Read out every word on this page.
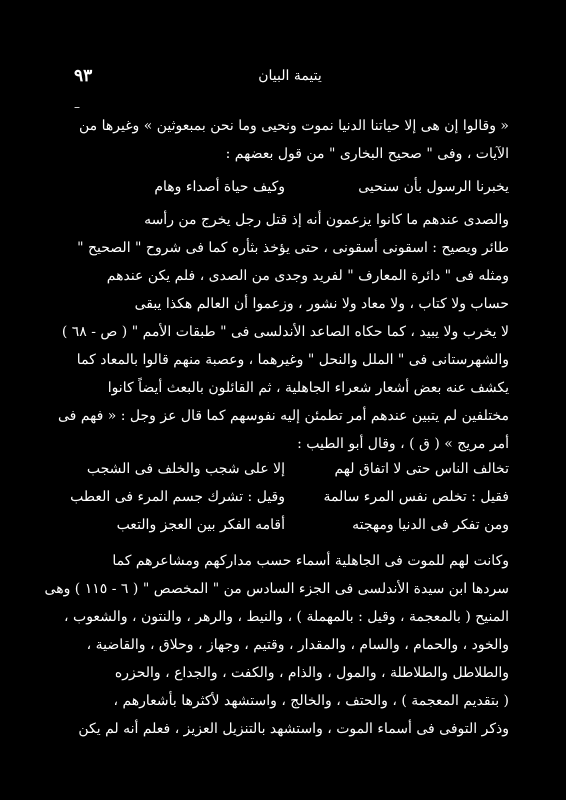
٩٣	يتيمة البيان
–
« وقالوا إن هى إلا حياتنا الدنيا نموت ونحيى وما نحن بمبعوثين » وغيرها من
الآيات ، وفى " صحيح البخارى " من قول بعضهم :
يخبرنا الرسول بأن سنحيى
وكيف حياة أصداء وهام
والصدى عندهم ما كانوا يزعمون أنه إذ قتل رجل يخرج من رأسه
طائر ويصيح : اسقونى أسقونى ، حتى يؤخذ بثأره كما فى شروح " الصحيح "
ومثله فى " دائرة المعارف " لفريد وجدى من الصدى ، فلم يكن عندهم
حساب ولا كتاب ، ولا معاد ولا نشور ، وزعموا أن العالم هكذا يبقى
لا يخرب ولا يبيد ، كما حكاه الصاعد الأندلسى فى " طبقات الأمم " ( ص - ٦٨ )
والشهرستانى فى " الملل والنحل " وغيرهما ، وعصبة منهم قالوا بالمعاد كما
يكشف عنه بعض أشعار شعراء الجاهلية ، ثم القائلون بالبعث أيضاً كانوا
مختلفين لم يتبين عندهم أمر تطمئن إليه نفوسهم كما قال عز وجل : « فهم فى
أمر مريج » ( ق ) ، وقال أبو الطيب :
تخالف الناس حتى لا اتفاق لهم
إلا على شجب والخلف فى الشجب
فقيل : تخلص نفس المرء سالمة
وقيل : تشرك جسم المرء فى العطب
ومن تفكر فى الدنيا ومهجته
أقامه الفكر بين العجز والتعب
وكانت لهم للموت فى الجاهلية أسماء حسب مداركهم ومشاعرهم كما
سردها ابن سيدة الأندلسى فى الجزء السادس من " المخصص " ( ٦ - ١١٥ ) وهى
المنيح ( بالمعجمة ، وقيل : بالمهملة ) ، والنيط ، والرهر ، والنتون ، والشعوب ،
والخود ، والحمام ، والسام ، والمقدار ، وقتيم ، وجهاز ، وحلاق ، والقاضية ،
والطلاطل والطلاطلة ، والمول ، والذام ، والكفت ، والجداع ، والحزره
( بتقديم المعجمة ) ، والحتف ، والخالج ، واستشهد لأكثرها بأشعارهم ،
وذكر التوفى فى أسماء الموت ، واستشهد بالتنزيل العزيز ، فعلم أنه لم يكن
